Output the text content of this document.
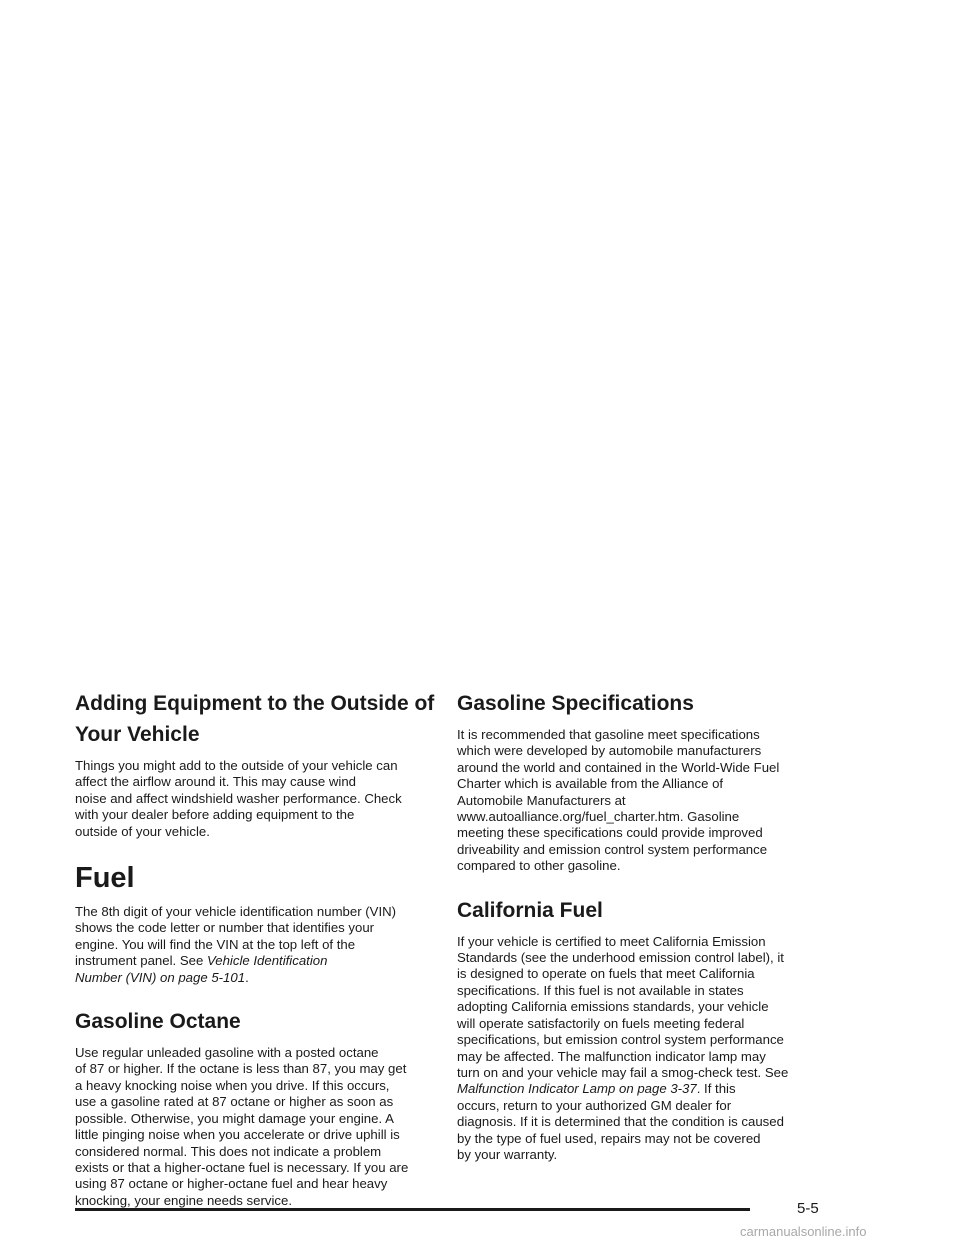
Adding Equipment to the Outside of
Your Vehicle

Things you might add to the outside of your vehicle can
affect the airflow around it. This may cause wind
noise and affect windshield washer performance. Check
with your dealer before adding equipment to the
outside of your vehicle.

Fuel

The 8th digit of your vehicle identification number (VIN)
shows the code letter or number that identifies your
engine. You will find the VIN at the top left of the
instrument panel. See Vehicle Identification
Number (VIN) on page 5-101.

Gasoline Octane

Use regular unleaded gasoline with a posted octane
of 87 or higher. If the octane is less than 87, you may get
a heavy knocking noise when you drive. If this occurs,
use a gasoline rated at 87 octane or higher as soon as
possible. Otherwise, you might damage your engine. A
little pinging noise when you accelerate or drive uphill is
considered normal. This does not indicate a problem
exists or that a higher-octane fuel is necessary. If you are
using 87 octane or higher-octane fuel and hear heavy
knocking, your engine needs service.

Gasoline Specifications

It is recommended that gasoline meet specifications
which were developed by automobile manufacturers
around the world and contained in the World-Wide Fuel
Charter which is available from the Alliance of
Automobile Manufacturers at
www.autoalliance.org/fuel_charter.htm. Gasoline
meeting these specifications could provide improved
driveability and emission control system performance
compared to other gasoline.

California Fuel

If your vehicle is certified to meet California Emission
Standards (see the underhood emission control label), it
is designed to operate on fuels that meet California
specifications. If this fuel is not available in states
adopting California emissions standards, your vehicle
will operate satisfactorily on fuels meeting federal
specifications, but emission control system performance
may be affected. The malfunction indicator lamp may
turn on and your vehicle may fail a smog-check test. See
Malfunction Indicator Lamp on page 3-37. If this
occurs, return to your authorized GM dealer for
diagnosis. If it is determined that the condition is caused
by the type of fuel used, repairs may not be covered
by your warranty.

5-5
carmanualsonline.info
